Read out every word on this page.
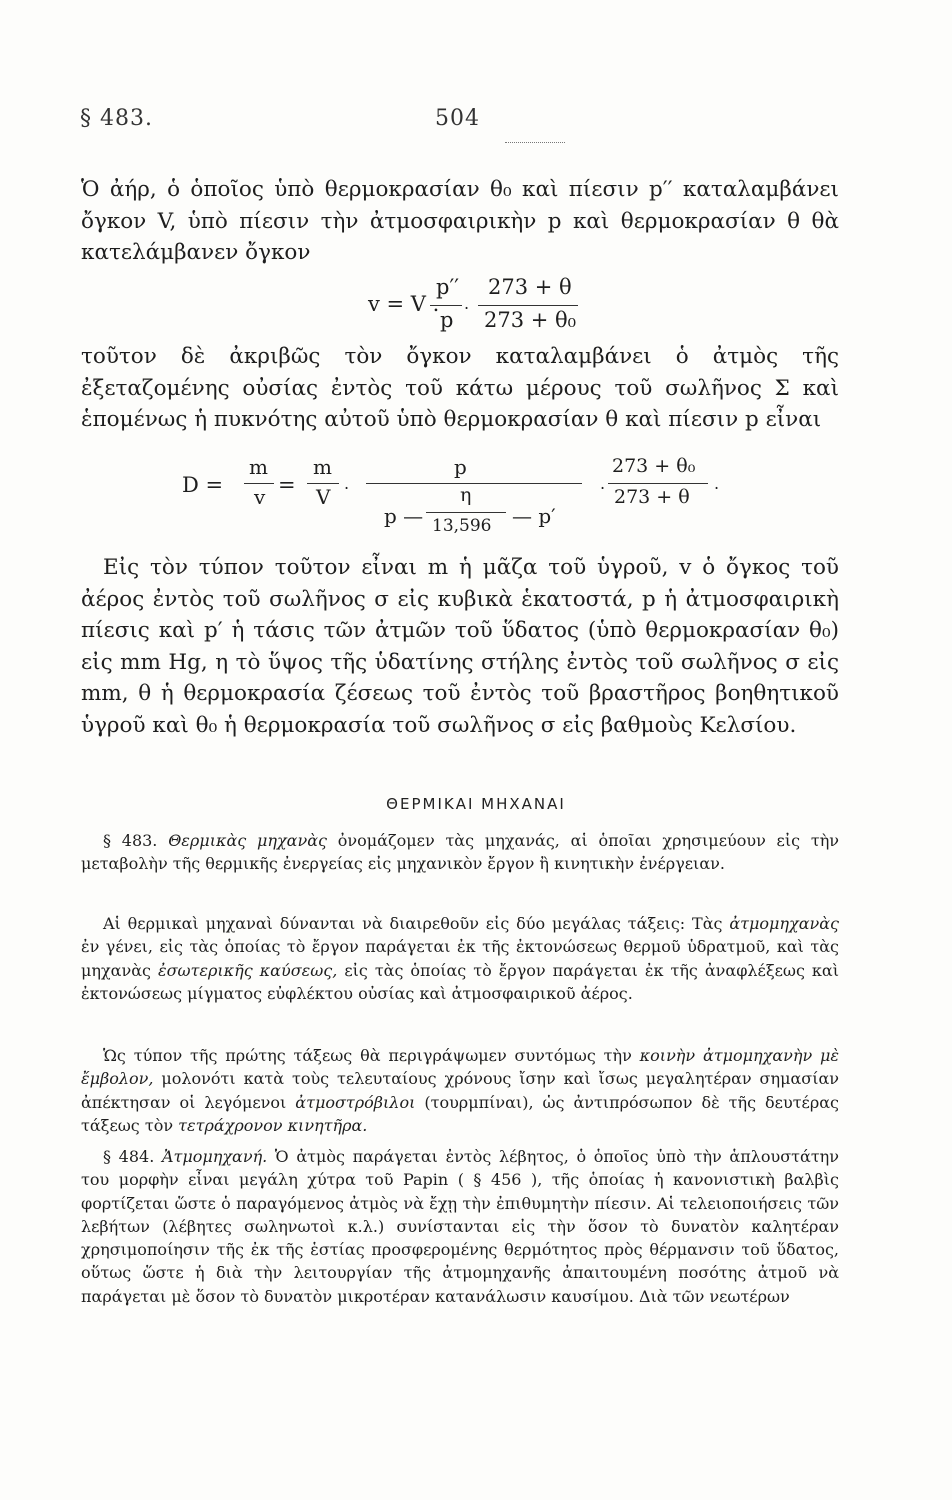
§ 483.	504

Ὁ ἀήρ, ὁ ὁποῖος ὑπὸ θερμοκρασίαν θ₀ καὶ πίεσιν p′′ καταλαμβάνει ὄγκον V, ὑπὸ πίεσιν τὴν ἀτμοσφαιρικὴν p καὶ θερμοκρασίαν θ θὰ κατελάμβανεν ὄγκον

v = V .
p′′
p
.
273 + θ
273 + θ₀

τοῦτον δὲ ἀκριβῶς τὸν ὄγκον καταλαμβάνει ὁ ἀτμὸς τῆς ἐξεταζομένης οὐσίας ἐντὸς τοῦ κάτω μέρους τοῦ σωλῆνος Σ καὶ ἑπομένως ἡ πυκνότης αὐτοῦ ὑπὸ θερμοκρασίαν θ καὶ πίεσιν p εἶναι

D =
m
v =
m
V
.
p
p —
η
13,596 — p′
.
273 + θ₀
273 + θ
.

Εἰς τὸν τύπον τοῦτον εἶναι m ἡ μᾶζα τοῦ ὑγροῦ, v ὁ ὄγκος τοῦ ἀέρος ἐντὸς τοῦ σωλῆνος σ εἰς κυβικὰ ἑκατοστά, p ἡ ἀτμοσφαιρικὴ πίεσις καὶ p′ ἡ τάσις τῶν ἀτμῶν τοῦ ὕδατος (ὑπὸ θερμοκρασίαν θ₀) εἰς mm Hg, η τὸ ὕψος τῆς ὑδατίνης στήλης ἐντὸς τοῦ σωλῆνος σ εἰς mm, θ ἡ θερμοκρασία ζέσεως τοῦ ἐντὸς τοῦ βραστῆρος βοηθητικοῦ ὑγροῦ καὶ θ₀ ἡ θερμοκρασία τοῦ σωλῆνος σ εἰς βαθμοὺς Κελσίου.

ΘΕΡΜΙΚΑΙ ΜΗΧΑΝΑΙ

§ 483. Θερμικὰς μηχανὰς ὀνομάζομεν τὰς μηχανάς, αἱ ὁποῖαι χρησιμεύουν εἰς τὴν μεταβολὴν τῆς θερμικῆς ἐνεργείας εἰς μηχανικὸν ἔργον ἢ κινητικὴν ἐνέργειαν.

Αἱ θερμικαὶ μηχαναὶ δύνανται νὰ διαιρεθοῦν εἰς δύο μεγάλας τάξεις: Τὰς ἀτμομηχανὰς ἐν γένει, εἰς τὰς ὁποίας τὸ ἔργον παράγεται ἐκ τῆς ἐκτονώσεως θερμοῦ ὑδρατμοῦ, καὶ τὰς μηχανὰς ἐσωτερικῆς καύσεως, εἰς τὰς ὁποίας τὸ ἔργον παράγεται ἐκ τῆς ἀναφλέξεως καὶ ἐκτονώσεως μίγματος εὐφλέκτου οὐσίας καὶ ἀτμοσφαιρικοῦ ἀέρος.

Ὡς τύπον τῆς πρώτης τάξεως θὰ περιγράψωμεν συντόμως τὴν κοινὴν ἀτμομηχανὴν μὲ ἔμβολον, μολονότι κατὰ τοὺς τελευταίους χρόνους ἴσην καὶ ἴσως μεγαλητέραν σημασίαν ἀπέκτησαν οἱ λεγόμενοι ἀτμοστρόβιλοι (τουρμπίναι), ὡς ἀντιπρόσωπον δὲ τῆς δευτέρας τάξεως τὸν τετράχρονον κινητῆρα.

§ 484. Ἀτμομηχανή. Ὁ ἀτμὸς παράγεται ἐντὸς λέβητος, ὁ ὁποῖος ὑπὸ τὴν ἁπλουστάτην του μορφὴν εἶναι μεγάλη χύτρα τοῦ Papin ( § 456 ), τῆς ὁποίας ἡ κανονιστικὴ βαλβὶς φορτίζεται ὥστε ὁ παραγόμενος ἀτμὸς νὰ ἔχῃ τὴν ἐπιθυμητὴν πίεσιν. Αἱ τελειοποιήσεις τῶν λεβήτων (λέβητες σωληνωτοὶ κ.λ.) συνίστανται εἰς τὴν ὅσον τὸ δυνατὸν καλητέραν χρησιμοποίησιν τῆς ἐκ τῆς ἑστίας προσφερομένης θερμότητος πρὸς θέρμανσιν τοῦ ὕδατος, οὕτως ὥστε ἡ διὰ τὴν λειτουργίαν τῆς ἀτμομηχανῆς ἀπαιτουμένη ποσότης ἀτμοῦ νὰ παράγεται μὲ ὅσον τὸ δυνατὸν μικροτέραν κατανάλωσιν καυσίμου. Διὰ τῶν νεωτέρων
